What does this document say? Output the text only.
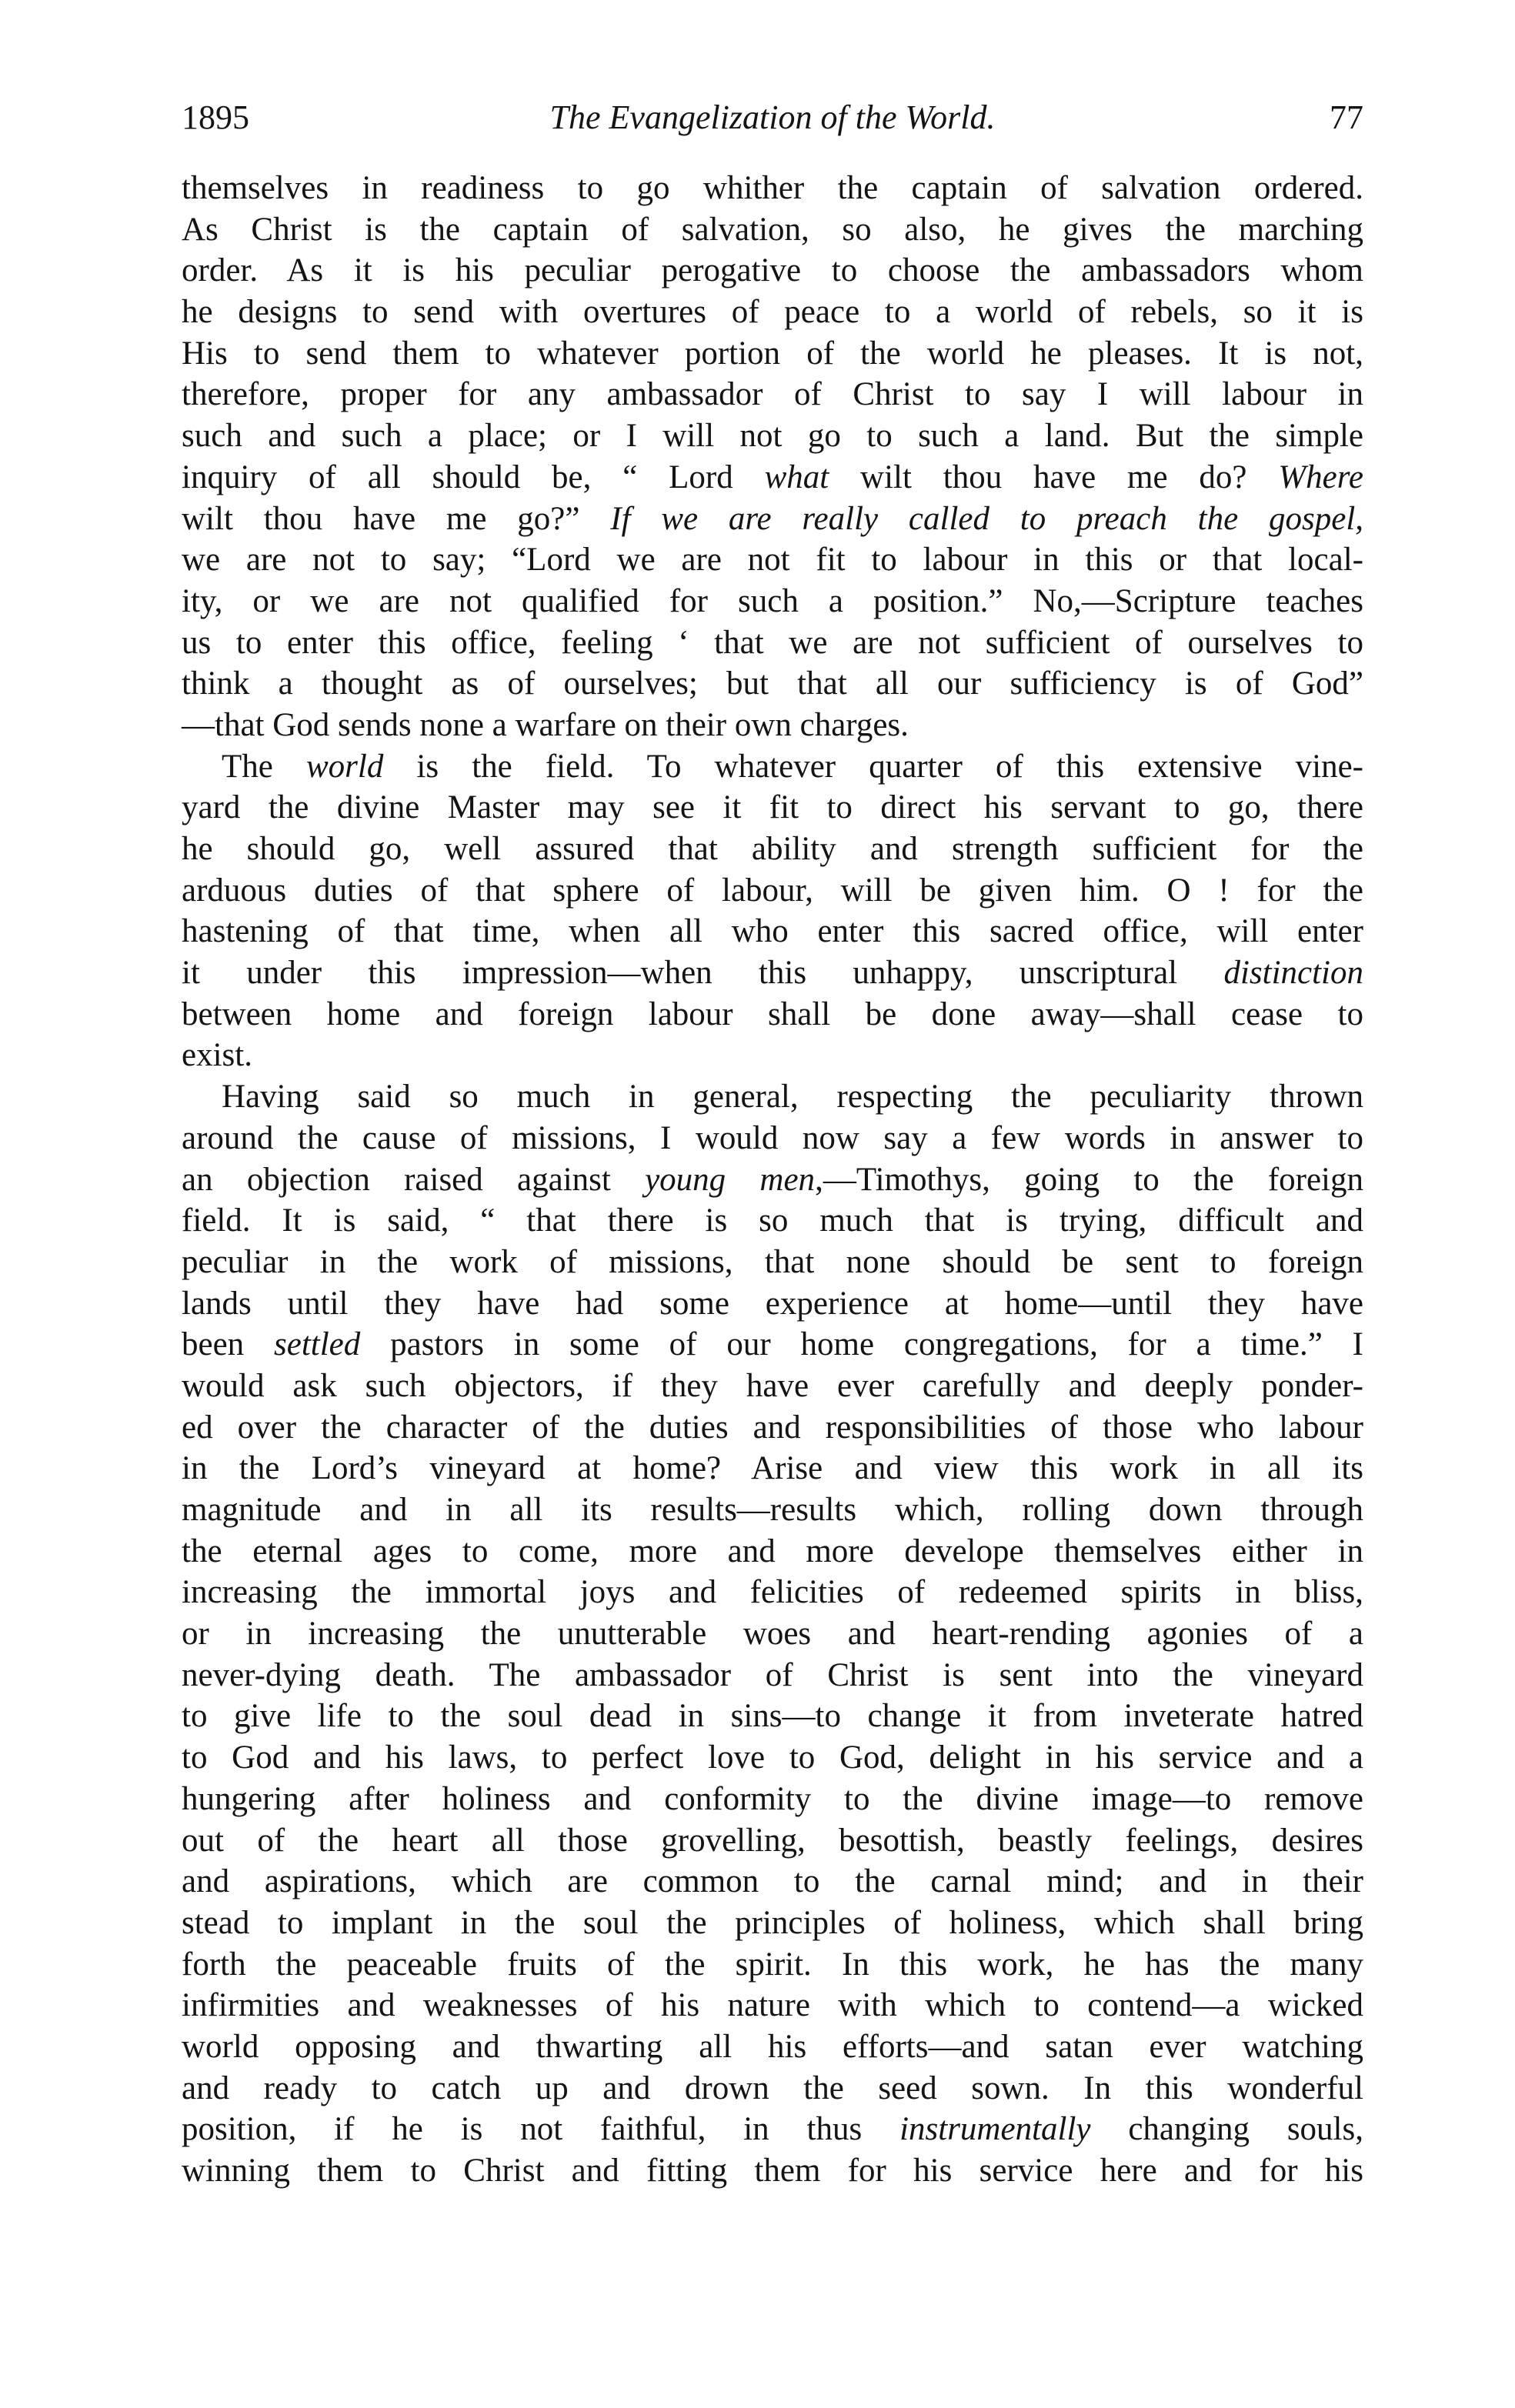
1895	The Evangelization of the World.	77
themselves in readiness to go whither the captain of salvation ordered.
As Christ is the captain of salvation, so also, he gives the marching
order. As it is his peculiar perogative to choose the ambassadors whom
he designs to send with overtures of peace to a world of rebels, so it is
His to send them to whatever portion of the world he pleases. It is not,
therefore, proper for any ambassador of Christ to say I will labour in
such and such a place; or I will not go to such a land. But the simple
inquiry of all should be, “ Lord what wilt thou have me do? Where
wilt thou have me go?” If we are really called to preach the gospel,
we are not to say; “Lord we are not fit to labour in this or that local-
ity, or we are not qualified for such a position.” No,—Scripture teaches
us to enter this office, feeling ‘ that we are not sufficient of ourselves to
think a thought as of ourselves; but that all our sufficiency is of God”
—that God sends none a warfare on their own charges.
The world is the field. To whatever quarter of this extensive vine-
yard the divine Master may see it fit to direct his servant to go, there
he should go, well assured that ability and strength sufficient for the
arduous duties of that sphere of labour, will be given him. O ! for the
hastening of that time, when all who enter this sacred office, will enter
it under this impression—when this unhappy, unscriptural distinction
between home and foreign labour shall be done away—shall cease to
exist.
Having said so much in general, respecting the peculiarity thrown
around the cause of missions, I would now say a few words in answer to
an objection raised against young men,—Timothys, going to the foreign
field. It is said, “ that there is so much that is trying, difficult and
peculiar in the work of missions, that none should be sent to foreign
lands until they have had some experience at home—until they have
been settled pastors in some of our home congregations, for a time.” I
would ask such objectors, if they have ever carefully and deeply ponder-
ed over the character of the duties and responsibilities of those who labour
in the Lord’s vineyard at home? Arise and view this work in all its
magnitude and in all its results—results which, rolling down through
the eternal ages to come, more and more develope themselves either in
increasing the immortal joys and felicities of redeemed spirits in bliss,
or in increasing the unutterable woes and heart-rending agonies of a
never-dying death. The ambassador of Christ is sent into the vineyard
to give life to the soul dead in sins—to change it from inveterate hatred
to God and his laws, to perfect love to God, delight in his service and a
hungering after holiness and conformity to the divine image—to remove
out of the heart all those grovelling, besottish, beastly feelings, desires
and aspirations, which are common to the carnal mind; and in their
stead to implant in the soul the principles of holiness, which shall bring
forth the peaceable fruits of the spirit. In this work, he has the many
infirmities and weaknesses of his nature with which to contend—a wicked
world opposing and thwarting all his efforts—and satan ever watching
and ready to catch up and drown the seed sown. In this wonderful
position, if he is not faithful, in thus instrumentally changing souls,
winning them to Christ and fitting them for his service here and for his
